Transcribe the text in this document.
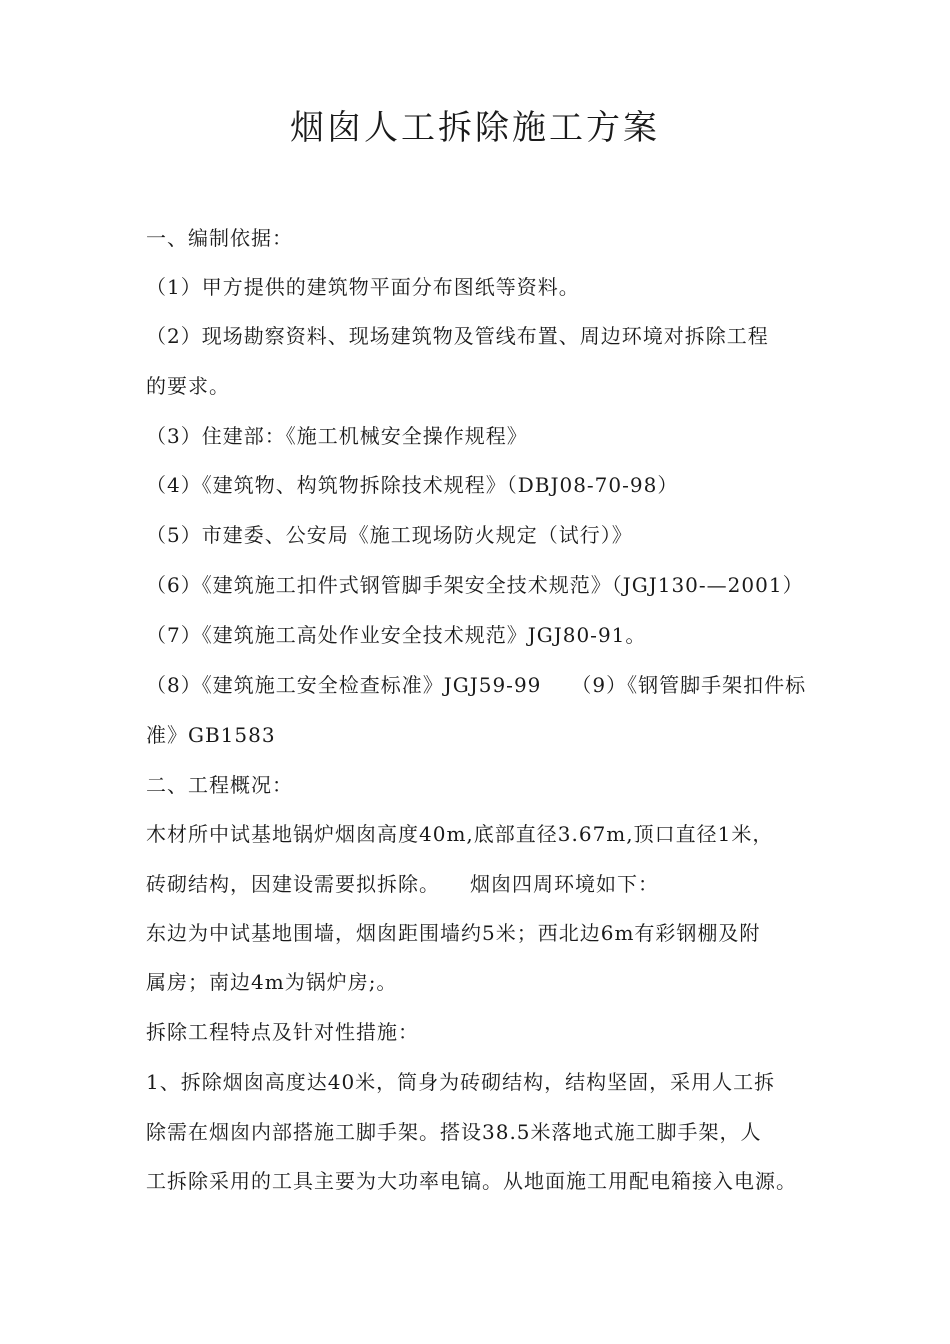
烟囱人工拆除施工方案

一、编制依据：

（1）甲方提供的建筑物平面分布图纸等资料。

（2）现场勘察资料、现场建筑物及管线布置、周边环境对拆除工程

的要求。

（3）住建部：《施工机械安全操作规程》

（4）《建筑物、构筑物拆除技术规程》（DBJ08-70-98）

（5）市建委、公安局《施工现场防火规定（试行）》

（6）《建筑施工扣件式钢管脚手架安全技术规范》（JGJ130-—2001）

（7）《建筑施工高处作业安全技术规范》JGJ80-91。

（8）《建筑施工安全检查标准》JGJ59-99 （9）《钢管脚手架扣件标

准》GB1583

二、工程概况：

木材所中试基地锅炉烟囱高度40m,底部直径3.67m,顶口直径1米，

砖砌结构，因建设需要拟拆除。 烟囱四周环境如下：

东边为中试基地围墙，烟囱距围墙约5米；西北边6m有彩钢棚及附

属房；南边4m为锅炉房;。

拆除工程特点及针对性措施：

1、拆除烟囱高度达40米，筒身为砖砌结构，结构坚固，采用人工拆

除需在烟囱内部搭施工脚手架。搭设38.5米落地式施工脚手架，人

工拆除采用的工具主要为大功率电镐。从地面施工用配电箱接入电源。
